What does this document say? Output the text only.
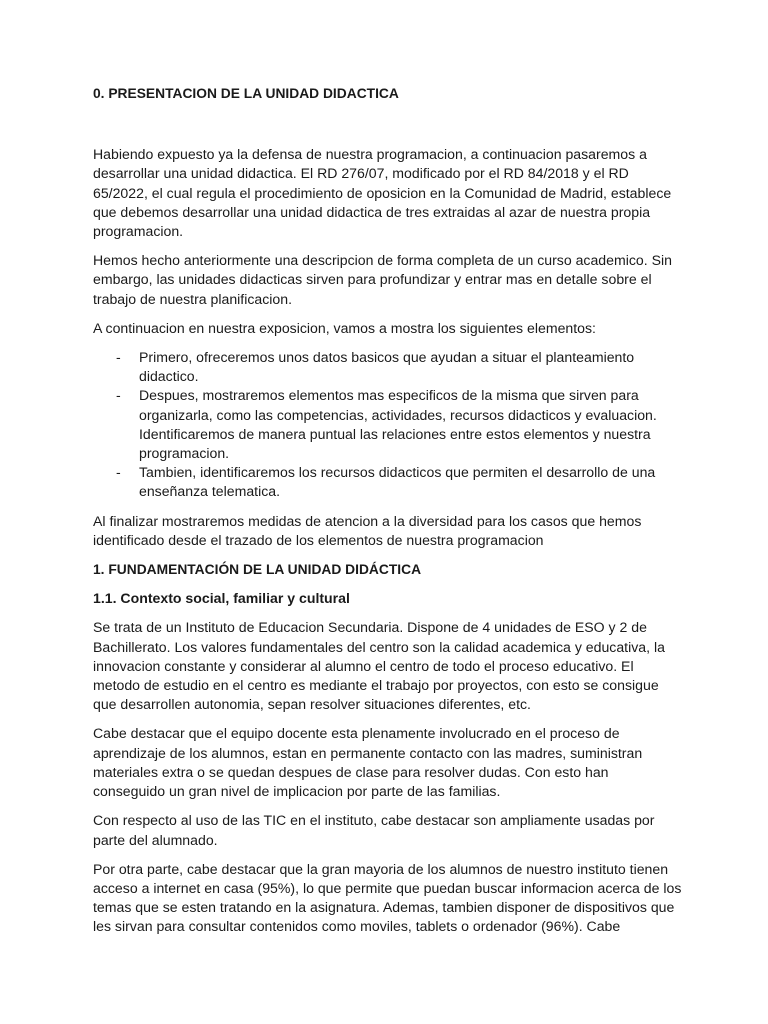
0. PRESENTACION DE LA UNIDAD DIDACTICA

Habiendo expuesto ya la defensa de nuestra programacion, a continuacion pasaremos a desarrollar una unidad didactica. El RD 276/07, modificado por el RD 84/2018 y el RD 65/2022, el cual regula el procedimiento de oposicion en la Comunidad de Madrid, establece que debemos desarrollar una unidad didactica de tres extraidas al azar de nuestra propia programacion.

Hemos hecho anteriormente una descripcion de forma completa de un curso academico. Sin embargo, las unidades didacticas sirven para profundizar y entrar mas en detalle sobre el trabajo de nuestra planificacion.

A continuacion en nuestra exposicion, vamos a mostra los siguientes elementos:

- Primero, ofreceremos unos datos basicos que ayudan a situar el planteamiento didactico.
- Despues, mostraremos elementos mas especificos de la misma que sirven para organizarla, como las competencias, actividades, recursos didacticos y evaluacion. Identificaremos de manera puntual las relaciones entre estos elementos y nuestra programacion.
- Tambien, identificaremos los recursos didacticos que permiten el desarrollo de una enseñanza telematica.

Al finalizar mostraremos medidas de atencion a la diversidad para los casos que hemos identificado desde el trazado de los elementos de nuestra programacion

1. FUNDAMENTACIÓN DE LA UNIDAD DIDÁCTICA

1.1. Contexto social, familiar y cultural

Se trata de un Instituto de Educacion Secundaria. Dispone de 4 unidades de ESO y 2 de Bachillerato. Los valores fundamentales del centro son la calidad academica y educativa, la innovacion constante y considerar al alumno el centro de todo el proceso educativo. El metodo de estudio en el centro es mediante el trabajo por proyectos, con esto se consigue que desarrollen autonomia, sepan resolver situaciones diferentes, etc.

Cabe destacar que el equipo docente esta plenamente involucrado en el proceso de aprendizaje de los alumnos, estan en permanente contacto con las madres, suministran materiales extra o se quedan despues de clase para resolver dudas. Con esto han conseguido un gran nivel de implicacion por parte de las familias.

Con respecto al uso de las TIC en el instituto, cabe destacar son ampliamente usadas por parte del alumnado.

Por otra parte, cabe destacar que la gran mayoria de los alumnos de nuestro instituto tienen acceso a internet en casa (95%), lo que permite que puedan buscar informacion acerca de los temas que se esten tratando en la asignatura. Ademas, tambien disponer de dispositivos que les sirvan para consultar contenidos como moviles, tablets o ordenador (96%). Cabe
